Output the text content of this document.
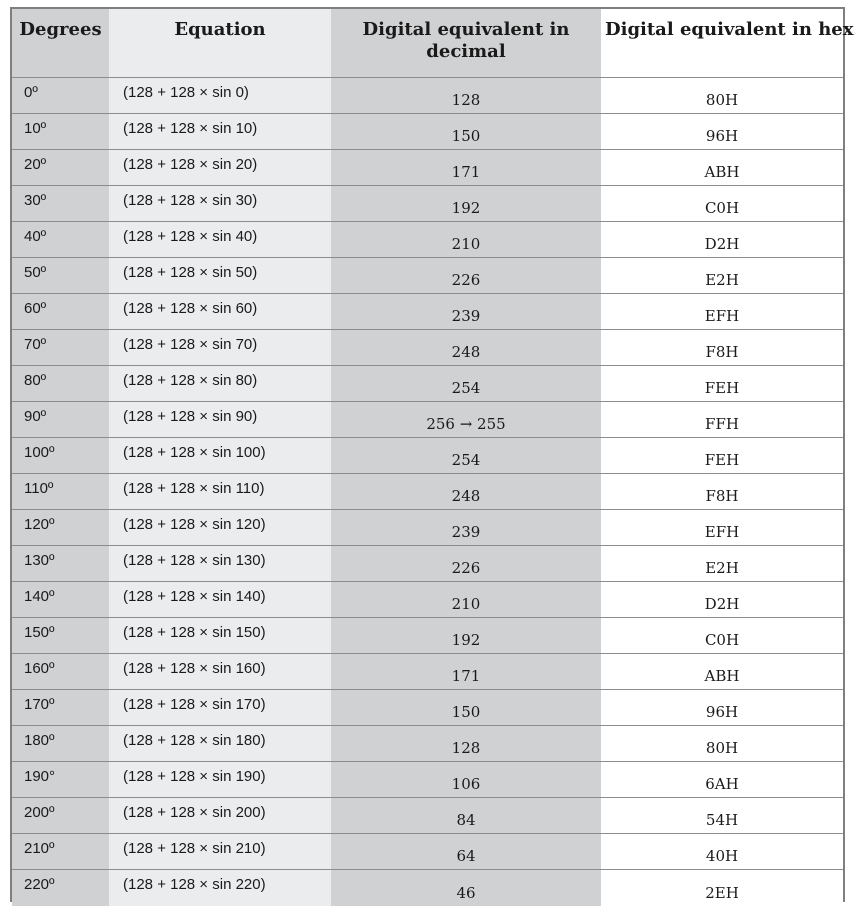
Degrees	Equation	Digital equivalent in decimal	Digital equivalent in hex
0º	(128 + 128 × sin 0)	128	80H
10º	(128 + 128 × sin 10)	150	96H
20º	(128 + 128 × sin 20)	171	ABH
30º	(128 + 128 × sin 30)	192	C0H
40º	(128 + 128 × sin 40)	210	D2H
50º	(128 + 128 × sin 50)	226	E2H
60º	(128 + 128 × sin 60)	239	EFH
70º	(128 + 128 × sin 70)	248	F8H
80º	(128 + 128 × sin 80)	254	FEH
90º	(128 + 128 × sin 90)	256 → 255	FFH
100º	(128 + 128 × sin 100)	254	FEH
110º	(128 + 128 × sin 110)	248	F8H
120º	(128 + 128 × sin 120)	239	EFH
130º	(128 + 128 × sin 130)	226	E2H
140º	(128 + 128 × sin 140)	210	D2H
150º	(128 + 128 × sin 150)	192	C0H
160º	(128 + 128 × sin 160)	171	ABH
170º	(128 + 128 × sin 170)	150	96H
180º	(128 + 128 × sin 180)	128	80H
190°	(128 + 128 × sin 190)	106	6AH
200º	(128 + 128 × sin 200)	84	54H
210º	(128 + 128 × sin 210)	64	40H
220º	(128 + 128 × sin 220)	46	2EH
